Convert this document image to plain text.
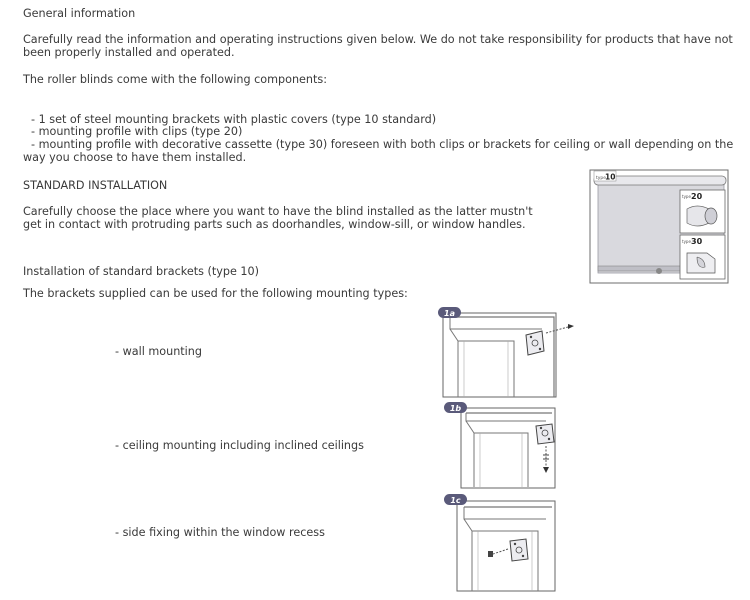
General information

Carefully read the information and operating instructions given below. We do not take responsibility for products that have not been properly installed and operated.

The roller blinds come with the following components:

- 1 set of steel mounting brackets with plastic covers (type 10 standard)

- mounting profile with clips (type 20)

- mounting profile with decorative cassette (type 30) foreseen with both clips or brackets for ceiling or wall depending on the way you choose to have them installed.

STANDARD INSTALLATION

Carefully choose the place where you want to have the blind installed as the latter mustn't get in contact with protruding parts such as doorhandles, window-sill, or window handles.

Installation of standard brackets (type 10)

The brackets supplied can be used for the following mounting types:

- wall mounting

- ceiling mounting including inclined ceilings

- side fixing within the window recess

type
10
type 20
type 30
1a
1b
1c
